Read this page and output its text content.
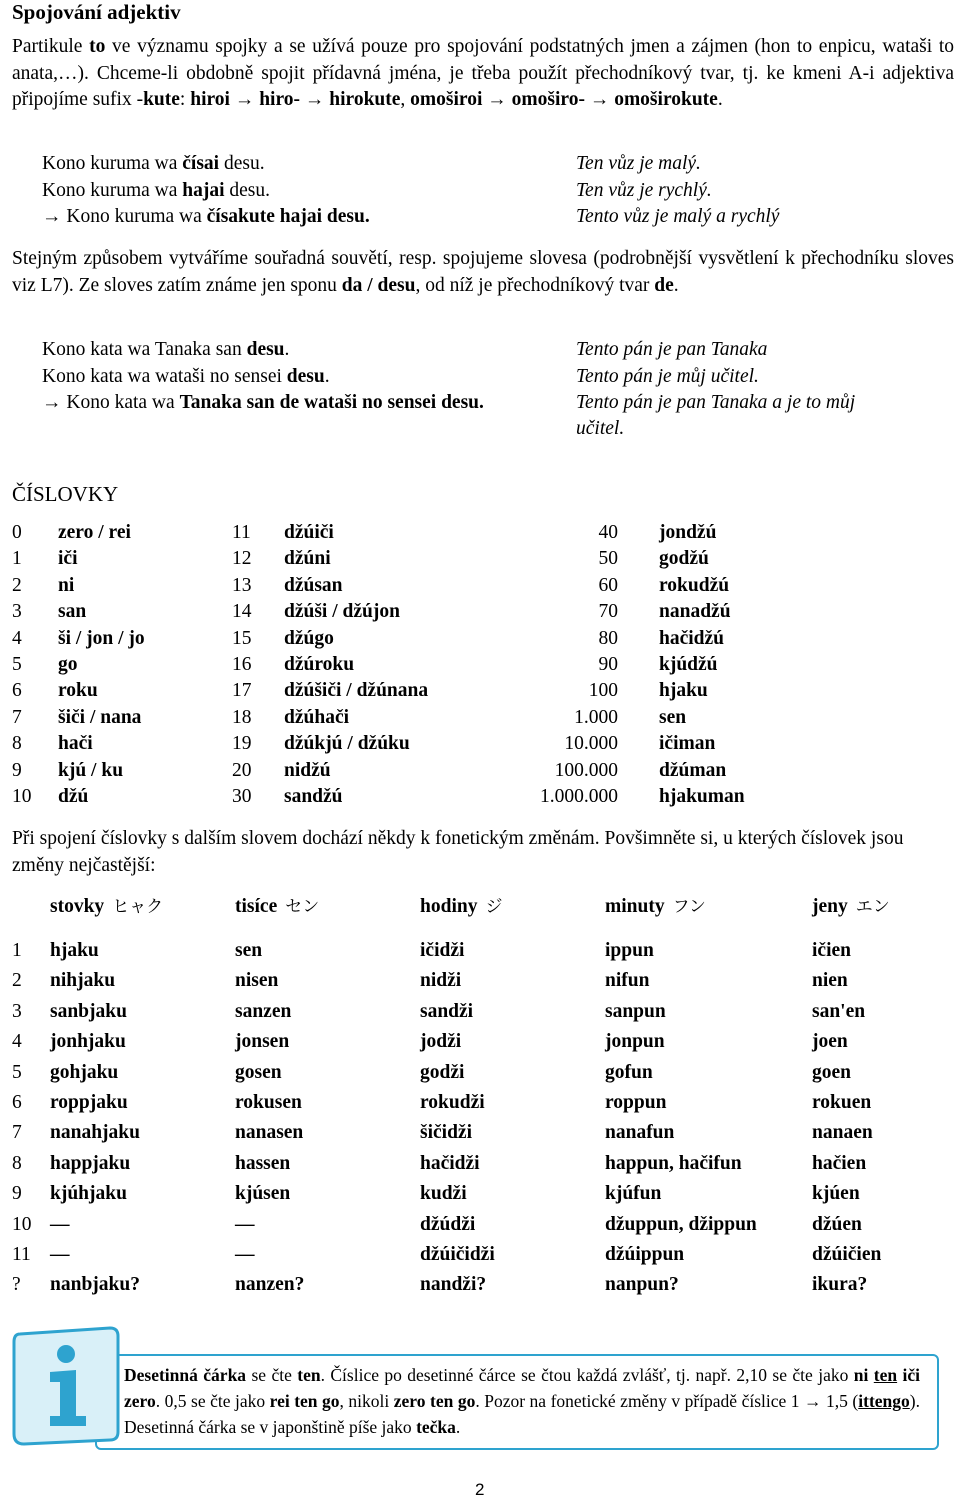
Spojování adjektiv
Partikule to ve významu spojky a se užívá pouze pro spojování podstatných jmen a zájmen (hon to enpicu, wataši to anata,…). Chceme-li obdobně spojit přídavná jména, je třeba použít přechodníkový tvar, tj. ke kmeni A-i adjektiva připojíme sufix -kute: hiroi → hiro- → hirokute, omoširoi → omoširo- → omoširokute.
Kono kuruma wa čísai desu.	Ten vůz je malý.
Kono kuruma wa hajai desu.	Ten vůz je rychlý.
→ Kono kuruma wa čísakute hajai desu.	Tento vůz je malý a rychlý
Stejným způsobem vytváříme souřadná souvětí, resp. spojujeme slovesa (podrobnější vysvětlení k přechodníku sloves viz L7). Ze sloves zatím známe jen sponu da / desu, od níž je přechodníkový tvar de.
Kono kata wa Tanaka san desu.	Tento pán je pan Tanaka
Kono kata wa wataši no sensei desu.	Tento pán je můj učitel.
→ Kono kata wa Tanaka san de wataši no sensei desu.	Tento pán je pan Tanaka a je to můj
učitel.
ČÍSLOVKY
0 zero / rei	11 džúiči	40 jondžú
1 iči	12 džúni	50 godžú
2 ni	13 džúsan	60 rokudžú
3 san	14 džúši / džújon	70 nanadžú
4 ši / jon / jo	15 džúgo	80 hačidžú
5 go	16 džúroku	90 kjúdžú
6 roku	17 džúšiči / džúnana	100 hjaku
7 šiči / nana	18 džúhači	1.000 sen
8 hači	19 džúkjú / džúku	10.000 ičiman
9 kjú / ku	20 nidžú	100.000 džúman
10 džú	30 sandžú	1.000.000 hjakuman
Při spojení číslovky s dalším slovem dochází někdy k fonetickým změnám. Povšimněte si, u kterých číslovek jsou změny nejčastější:
stovky ヒャク	tisíce セン	hodiny ジ	minuty フン	jeny エン
1 hjaku	sen	ičidži	ippun	ičien
2 nihjaku	nisen	nidži	nifun	nien
3 sanbjaku	sanzen	sandži	sanpun	san'en
4 jonhjaku	jonsen	jodži	jonpun	joen
5 gohjaku	gosen	godži	gofun	goen
6 roppjaku	rokusen	rokudži	roppun	rokuen
7 nanahjaku	nanasen	šičidži	nanafun	nanaen
8 happjaku	hassen	hačidži	happun, hačifun	hačien
9 kjúhjaku	kjúsen	kudži	kjúfun	kjúen
10 —	—	džúdži	džuppun, džippun	džúen
11 —	—	džúičidži	džúippun	džúičien
? nanbjaku?	nanzen?	nandži?	nanpun?	ikura?
Desetinná čárka se čte ten. Číslice po desetinné čárce se čtou každá zvlášť, tj. např. 2,10 se čte jako ni ten iči zero. 0,5 se čte jako rei ten go, nikoli zero ten go. Pozor na fonetické změny v případě číslice 1 → 1,5 (ittengo). Desetinná čárka se v japonštině píše jako tečka.
2
